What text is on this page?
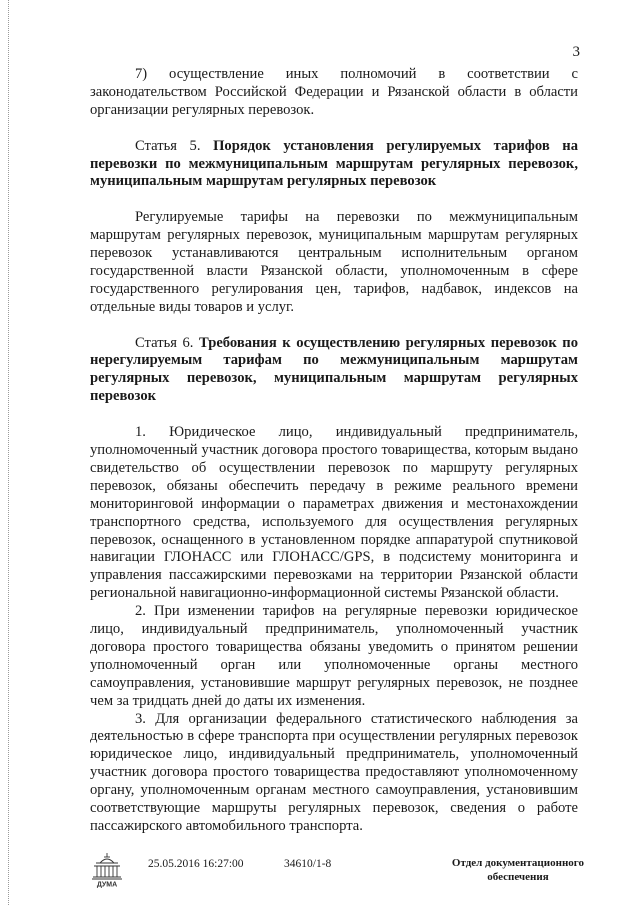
3

7) осуществление иных полномочий в соответствии с законодательством Российской Федерации и Рязанской области в области организации регулярных перевозок.

Статья 5. Порядок установления регулируемых тарифов на перевозки по межмуниципальным маршрутам регулярных перевозок, муниципальным маршрутам регулярных перевозок

Регулируемые тарифы на перевозки по межмуниципальным маршрутам регулярных перевозок, муниципальным маршрутам регулярных перевозок устанавливаются центральным исполнительным органом государственной власти Рязанской области, уполномоченным в сфере государственного регулирования цен, тарифов, надбавок, индексов на отдельные виды товаров и услуг.

Статья 6. Требования к осуществлению регулярных перевозок по нерегулируемым тарифам по межмуниципальным маршрутам регулярных перевозок, муниципальным маршрутам регулярных перевозок

1. Юридическое лицо, индивидуальный предприниматель, уполномоченный участник договора простого товарищества, которым выдано свидетельство об осуществлении перевозок по маршруту регулярных перевозок, обязаны обеспечить передачу в режиме реального времени мониторинговой информации о параметрах движения и местонахождении транспортного средства, используемого для осуществления регулярных перевозок, оснащенного в установленном порядке аппаратурой спутниковой навигации ГЛОНАСС или ГЛОНАСС/GPS, в подсистему мониторинга и управления пассажирскими перевозками на территории Рязанской области региональной навигационно-информационной системы Рязанской области.

2. При изменении тарифов на регулярные перевозки юридическое лицо, индивидуальный предприниматель, уполномоченный участник договора простого товарищества обязаны уведомить о принятом решении уполномоченный орган или уполномоченные органы местного самоуправления, установившие маршрут регулярных перевозок, не позднее чем за тридцать дней до даты их изменения.

3. Для организации федерального статистического наблюдения за деятельностью в сфере транспорта при осуществлении регулярных перевозок юридическое лицо, индивидуальный предприниматель, уполномоченный участник договора простого товарищества предоставляют уполномоченному органу, уполномоченным органам местного самоуправления, установившим соответствующие маршруты регулярных перевозок, сведения о работе пассажирского автомобильного транспорта.

ДУМА
25.05.2016 16:27:00	34610/1-8	Отдел документационного
обеспечения
